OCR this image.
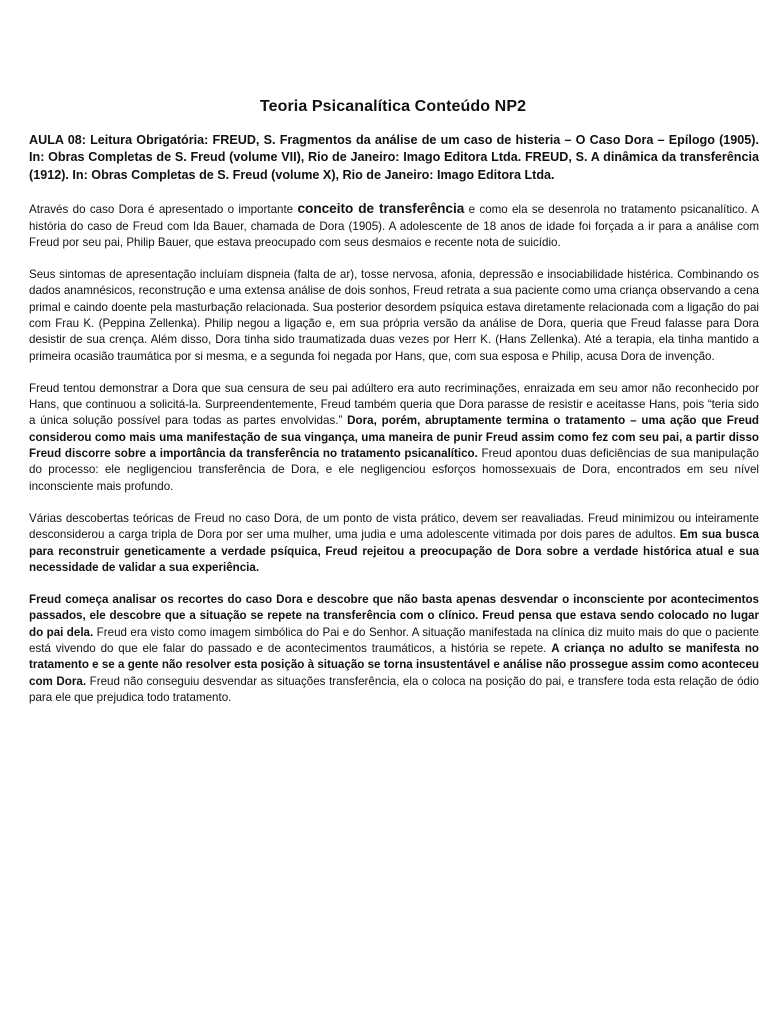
Teoria Psicanalítica Conteúdo NP2

AULA 08: Leitura Obrigatória: FREUD, S. Fragmentos da análise de um caso de histeria – O Caso Dora – Epílogo (1905). In: Obras Completas de S. Freud (volume VII), Rio de Janeiro: Imago Editora Ltda. FREUD, S. A dinâmica da transferência (1912). In: Obras Completas de S. Freud (volume X), Rio de Janeiro: Imago Editora Ltda.

Através do caso Dora é apresentado o importante conceito de transferência e como ela se desenrola no tratamento psicanalítico. A história do caso de Freud com Ida Bauer, chamada de Dora (1905). A adolescente de 18 anos de idade foi forçada a ir para a análise com Freud por seu pai, Philip Bauer, que estava preocupado com seus desmaios e recente nota de suicídio.

Seus sintomas de apresentação incluíam dispneia (falta de ar), tosse nervosa, afonia, depressão e insociabilidade histérica. Combinando os dados anamnésicos, reconstrução e uma extensa análise de dois sonhos, Freud retrata a sua paciente como uma criança observando a cena primal e caindo doente pela masturbação relacionada. Sua posterior desordem psíquica estava diretamente relacionada com a ligação do pai com Frau K. (Peppina Zellenka). Philip negou a ligação e, em sua própria versão da análise de Dora, queria que Freud falasse para Dora desistir de sua crença. Além disso, Dora tinha sido traumatizada duas vezes por Herr K. (Hans Zellenka). Até a terapia, ela tinha mantido a primeira ocasião traumática por si mesma, e a segunda foi negada por Hans, que, com sua esposa e Philip, acusa Dora de invenção.

Freud tentou demonstrar a Dora que sua censura de seu pai adúltero era auto recriminações, enraizada em seu amor não reconhecido por Hans, que continuou a solicitá-la. Surpreendentemente, Freud também queria que Dora parasse de resistir e aceitasse Hans, pois “teria sido a única solução possível para todas as partes envolvidas.” Dora, porém, abruptamente termina o tratamento – uma ação que Freud considerou como mais uma manifestação de sua vingança, uma maneira de punir Freud assim como fez com seu pai, a partir disso Freud discorre sobre a importância da transferência no tratamento psicanalítico. Freud apontou duas deficiências de sua manipulação do processo: ele negligenciou transferência de Dora, e ele negligenciou esforços homossexuais de Dora, encontrados em seu nível inconsciente mais profundo.

Várias descobertas teóricas de Freud no caso Dora, de um ponto de vista prático, devem ser reavaliadas. Freud minimizou ou inteiramente desconsiderou a carga tripla de Dora por ser uma mulher, uma judia e uma adolescente vitimada por dois pares de adultos. Em sua busca para reconstruir geneticamente a verdade psíquica, Freud rejeitou a preocupação de Dora sobre a verdade histórica atual e sua necessidade de validar a sua experiência.

Freud começa analisar os recortes do caso Dora e descobre que não basta apenas desvendar o inconsciente por acontecimentos passados, ele descobre que a situação se repete na transferência com o clínico. Freud pensa que estava sendo colocado no lugar do pai dela. Freud era visto como imagem simbólica do Pai e do Senhor. A situação manifestada na clínica diz muito mais do que o paciente está vivendo do que ele falar do passado e de acontecimentos traumáticos, a história se repete. A criança no adulto se manifesta no tratamento e se a gente não resolver esta posição à situação se torna insustentável e análise não prossegue assim como aconteceu com Dora. Freud não conseguiu desvendar as situações transferência, ela o coloca na posição do pai, e transfere toda esta relação de ódio para ele que prejudica todo tratamento.
